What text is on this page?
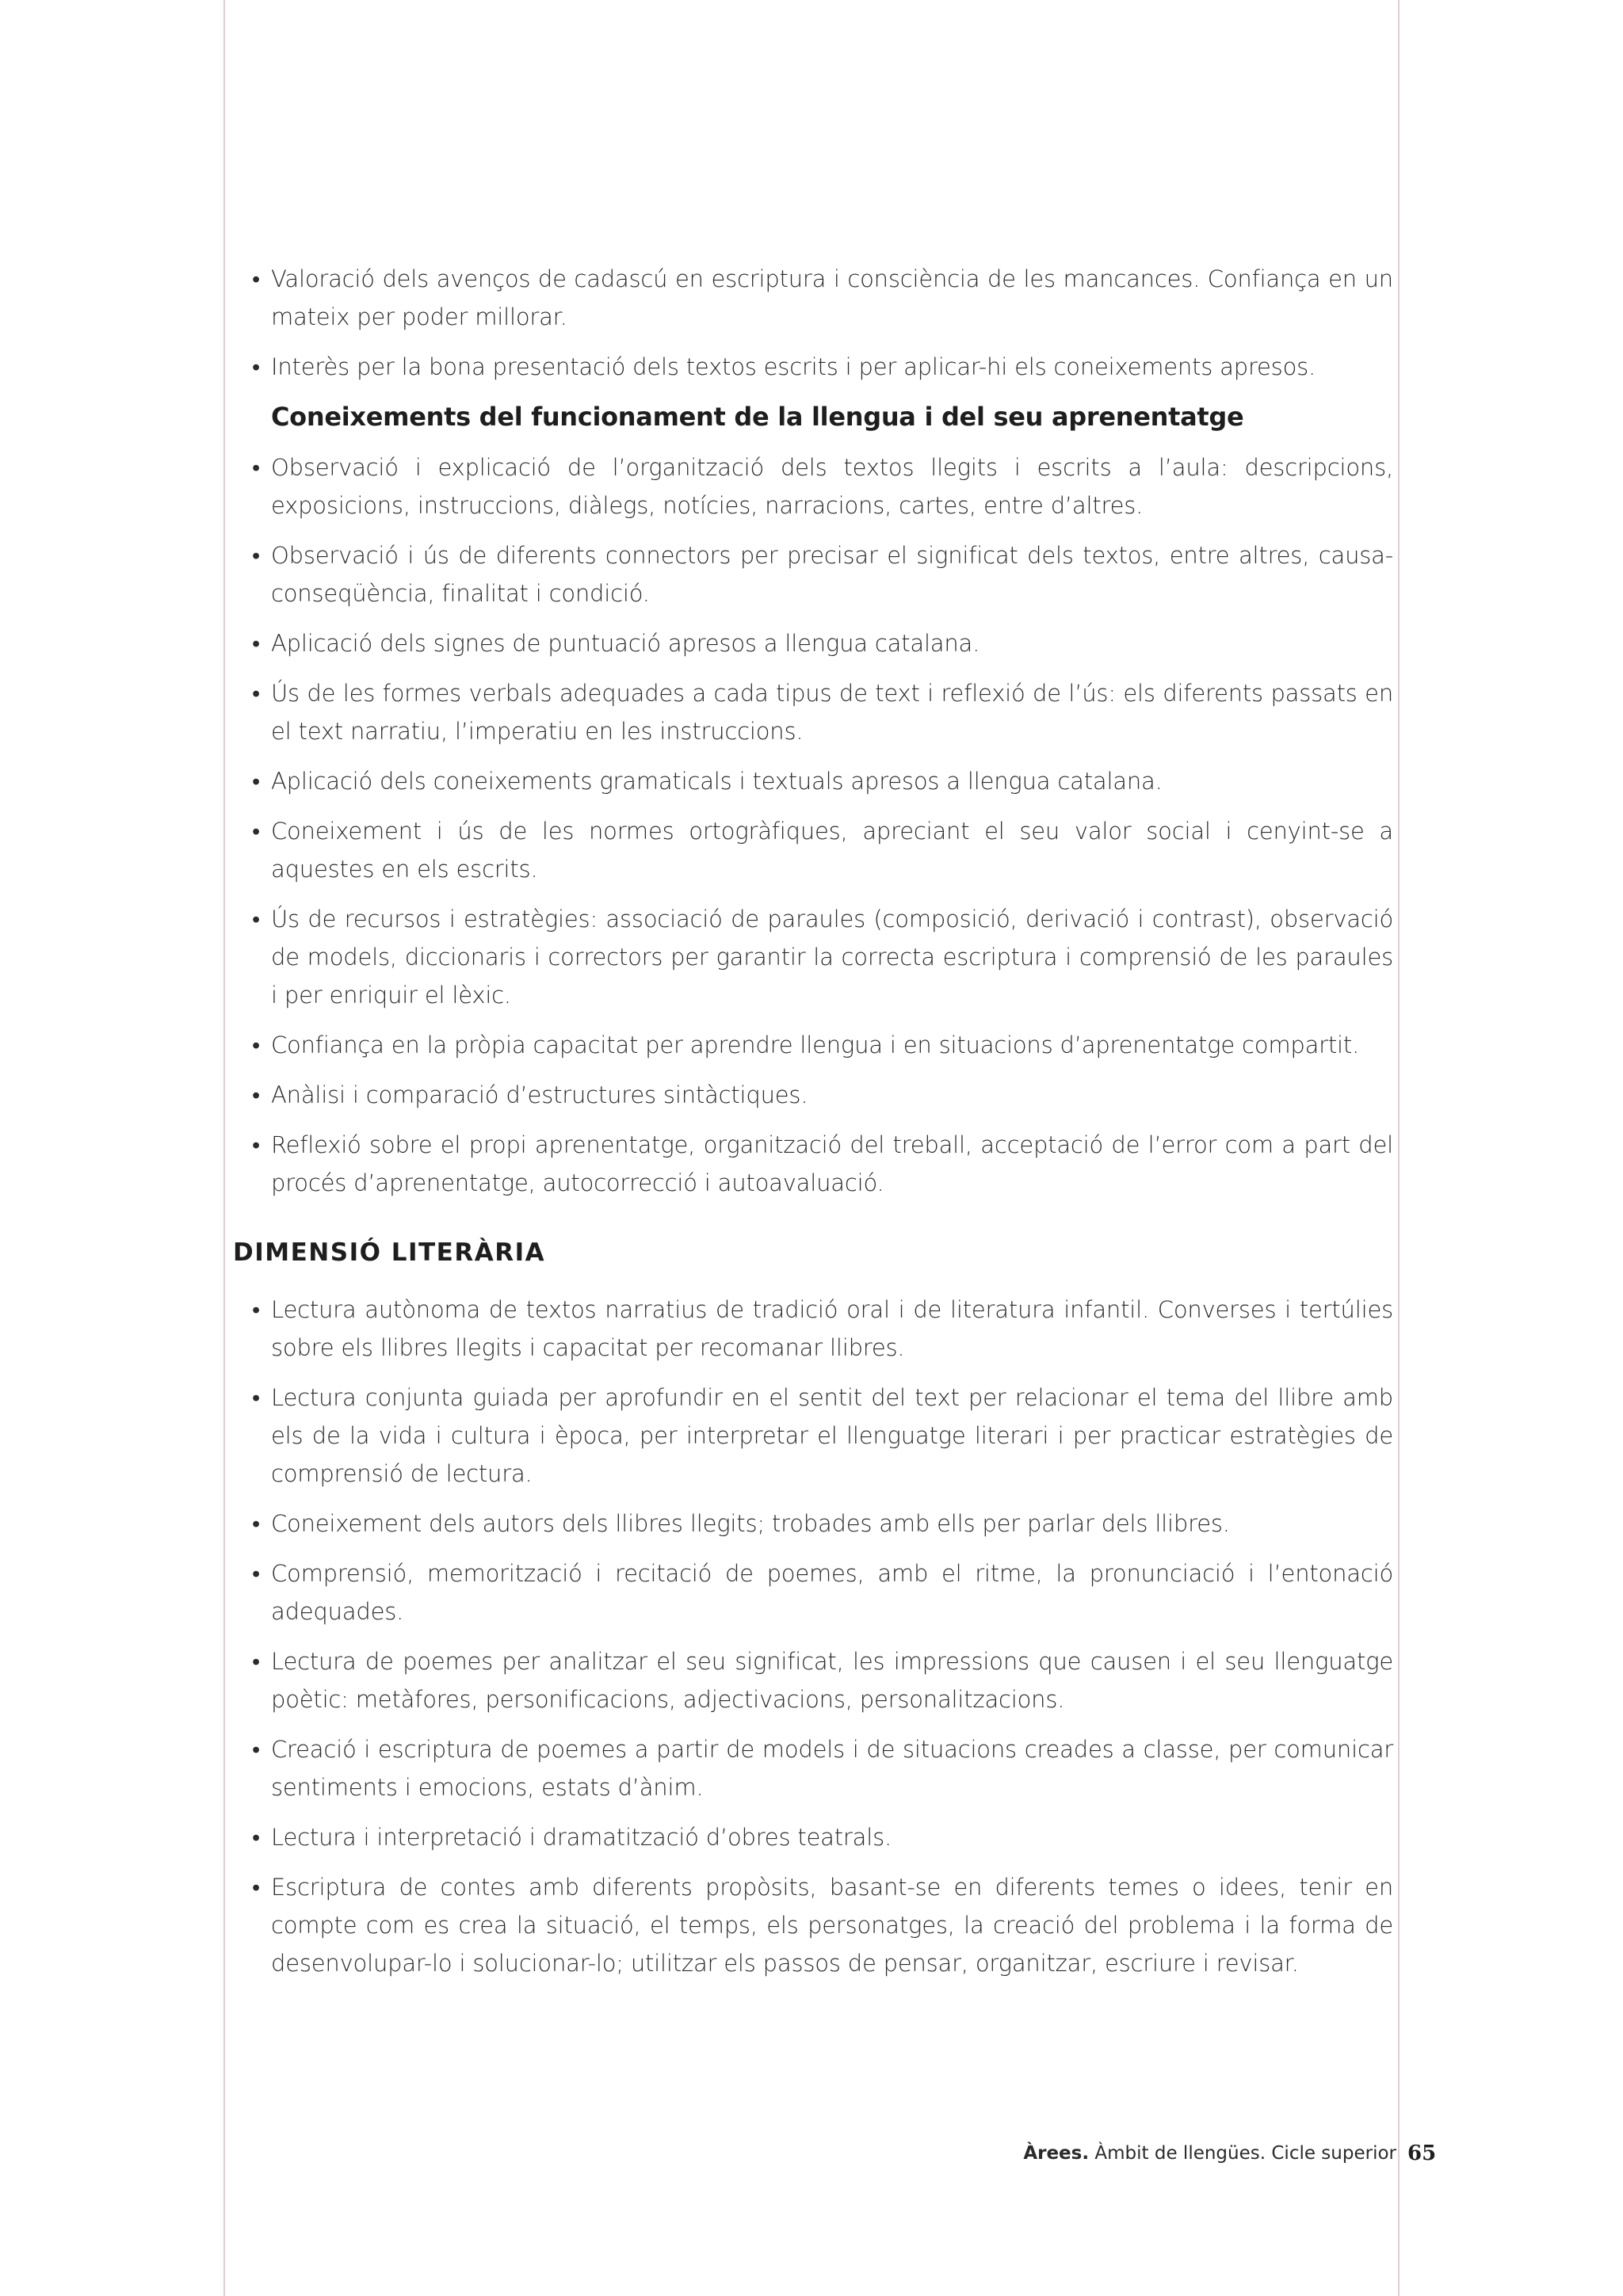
• Valoració dels avenços de cadascú en escriptura i consciència de les mancances. Confiança en un mateix per poder millorar.
• Interès per la bona presentació dels textos escrits i per aplicar-hi els coneixements apresos.
Coneixements del funcionament de la llengua i del seu aprenentatge
• Observació i explicació de l’organització dels textos llegits i escrits a l’aula: descripcions, exposicions, instruccions, diàlegs, notícies, narracions, cartes, entre d’altres.
• Observació i ús de diferents connectors per precisar el significat dels textos, entre altres, causa-conseqüència, finalitat i condició.
• Aplicació dels signes de puntuació apresos a llengua catalana.
• Ús de les formes verbals adequades a cada tipus de text i reflexió de l’ús: els diferents passats en el text narratiu, l’imperatiu en les instruccions.
• Aplicació dels coneixements gramaticals i textuals apresos a llengua catalana.
• Coneixement i ús de les normes ortogràfiques, apreciant el seu valor social i cenyint-se a aquestes en els escrits.
• Ús de recursos i estratègies: associació de paraules (composició, derivació i contrast), observació de models, diccionaris i correctors per garantir la correcta escriptura i comprensió de les paraules i per enriquir el lèxic.
• Confiança en la pròpia capacitat per aprendre llengua i en situacions d’aprenentatge compartit.
• Anàlisi i comparació d’estructures sintàctiques.
• Reflexió sobre el propi aprenentatge, organització del treball, acceptació de l’error com a part del procés d’aprenentatge, autocorrecció i autoavaluació.
DIMENSIÓ LITERÀRIA
• Lectura autònoma de textos narratius de tradició oral i de literatura infantil. Converses i tertúlies sobre els llibres llegits i capacitat per recomanar llibres.
• Lectura conjunta guiada per aprofundir en el sentit del text per relacionar el tema del llibre amb els de la vida i cultura i època, per interpretar el llenguatge literari i per practicar estratègies de comprensió de lectura.
• Coneixement dels autors dels llibres llegits; trobades amb ells per parlar dels llibres.
• Comprensió, memorització i recitació de poemes, amb el ritme, la pronunciació i l’entonació adequades.
• Lectura de poemes per analitzar el seu significat, les impressions que causen i el seu llenguatge poètic: metàfores, personificacions, adjectivacions, personalitzacions.
• Creació i escriptura de poemes a partir de models i de situacions creades a classe, per comunicar sentiments i emocions, estats d’ànim.
• Lectura i interpretació i dramatització d’obres teatrals.
• Escriptura de contes amb diferents propòsits, basant-se en diferents temes o idees, tenir en compte com es crea la situació, el temps, els personatges, la creació del problema i la forma de desenvolupar-lo i solucionar-lo; utilitzar els passos de pensar, organitzar, escriure i revisar.
Àrees. Àmbit de llengües. Cicle superior 65
